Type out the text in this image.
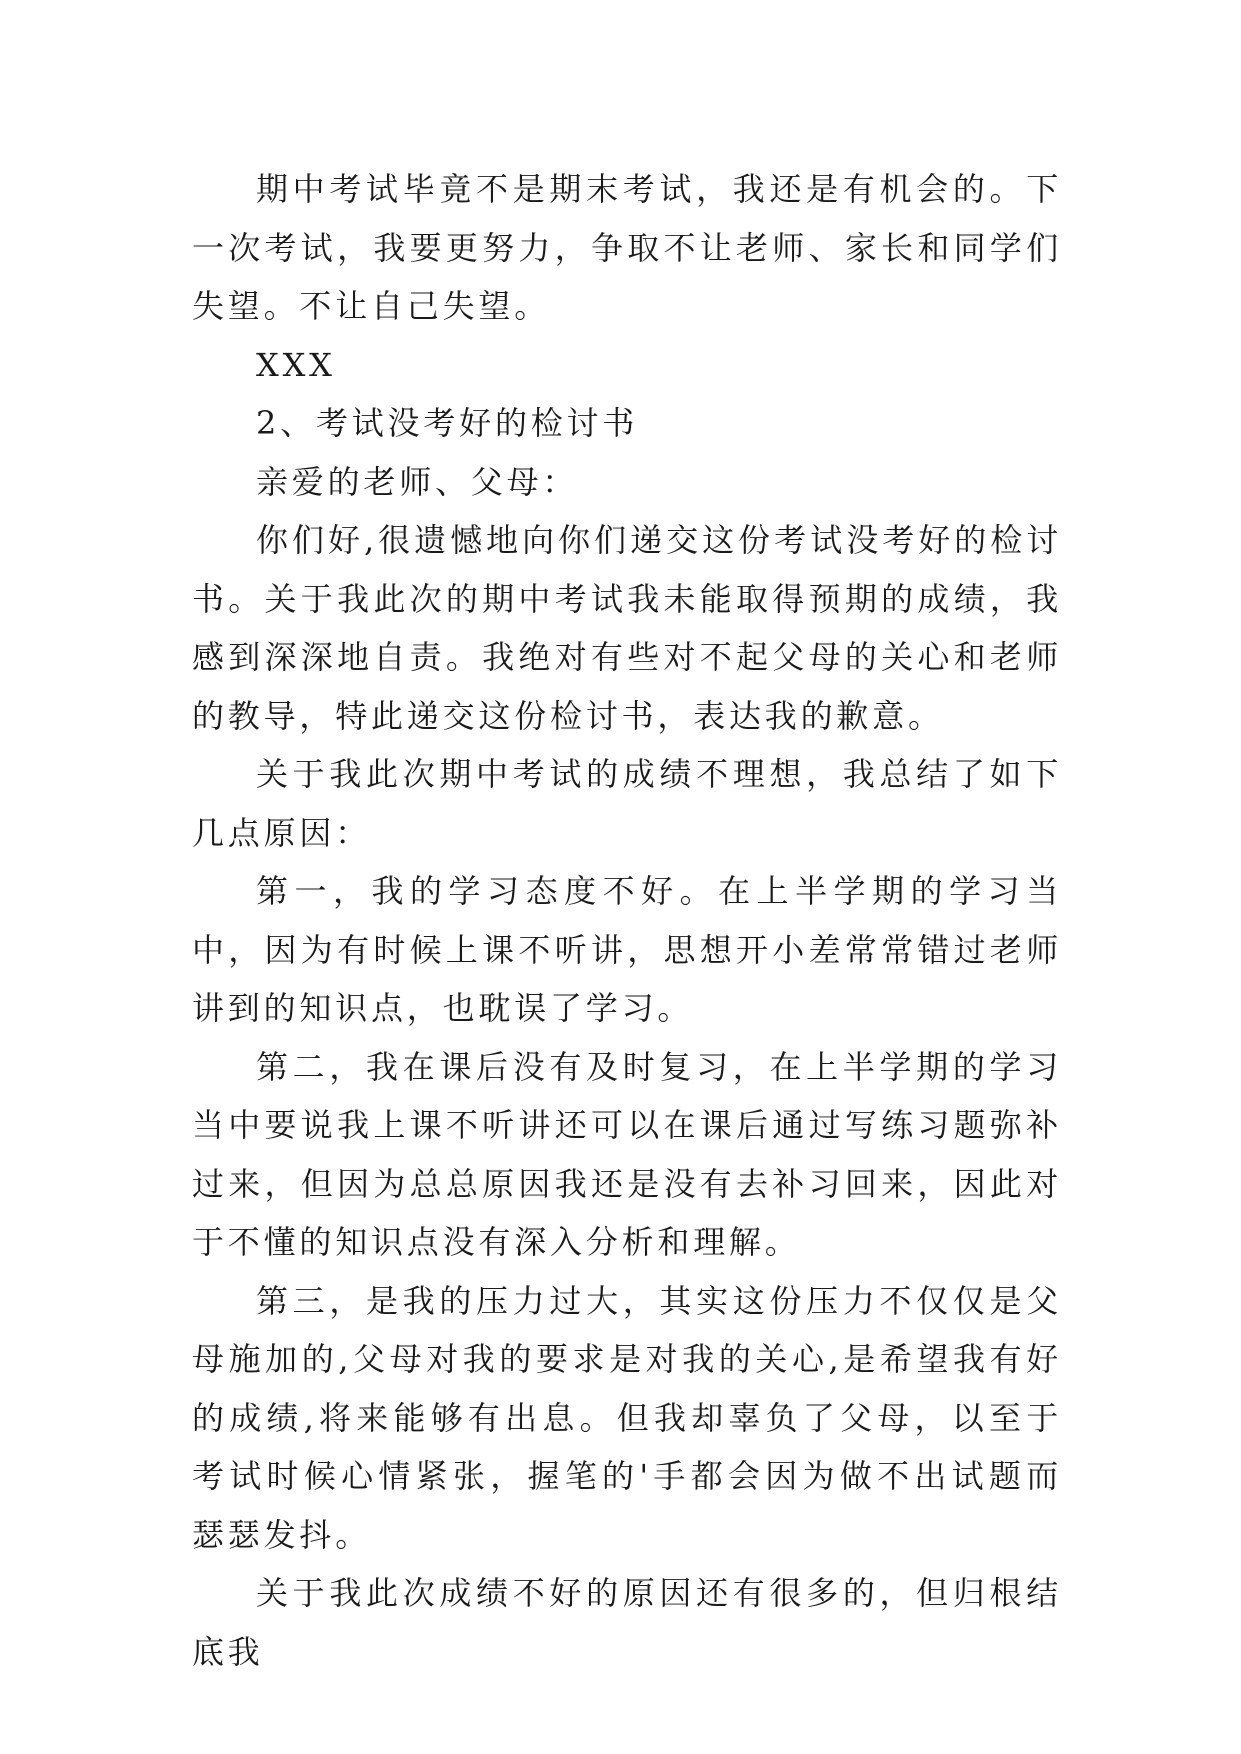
期中考试毕竟不是期末考试，我还是有机会的。下一次考试，我要更努力，争取不让老师、家长和同学们失望。不让自己失望。

XXX

2、考试没考好的检讨书

亲爱的老师、父母：

你们好,很遗憾地向你们递交这份考试没考好的检讨书。关于我此次的期中考试我未能取得预期的成绩，我感到深深地自责。我绝对有些对不起父母的关心和老师的教导，特此递交这份检讨书，表达我的歉意。

关于我此次期中考试的成绩不理想，我总结了如下几点原因：

第一，我的学习态度不好。在上半学期的学习当中，因为有时候上课不听讲，思想开小差常常错过老师讲到的知识点，也耽误了学习。

第二，我在课后没有及时复习，在上半学期的学习当中要说我上课不听讲还可以在课后通过写练习题弥补过来，但因为总总原因我还是没有去补习回来，因此对于不懂的知识点没有深入分析和理解。

第三，是我的压力过大，其实这份压力不仅仅是父母施加的,父母对我的要求是对我的关心,是希望我有好的成绩,将来能够有出息。但我却辜负了父母，以至于考试时候心情紧张，握笔的'手都会因为做不出试题而瑟瑟发抖。

关于我此次成绩不好的原因还有很多的，但归根结底我
